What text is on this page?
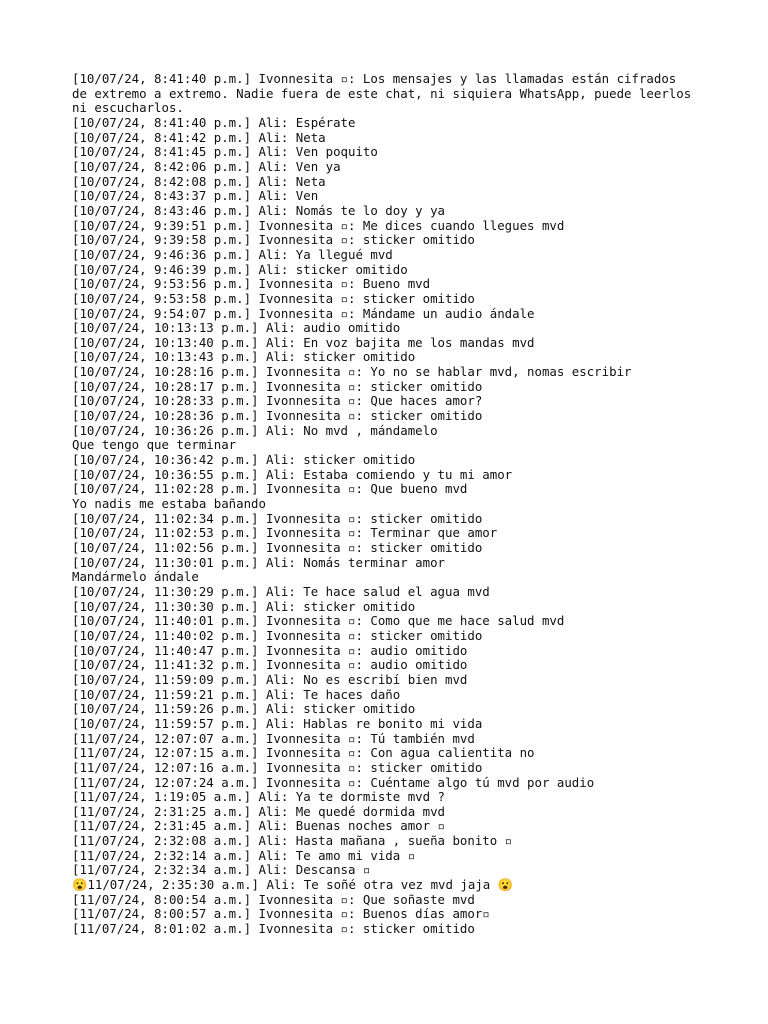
[10/07/24, 8:41:40 p.m.] Ivonnesita ▫: Los mensajes y las llamadas están cifrados
de extremo a extremo. Nadie fuera de este chat, ni siquiera WhatsApp, puede leerlos
ni escucharlos.
[10/07/24, 8:41:40 p.m.] Ali: Espérate
[10/07/24, 8:41:42 p.m.] Ali: Neta
[10/07/24, 8:41:45 p.m.] Ali: Ven poquito
[10/07/24, 8:42:06 p.m.] Ali: Ven ya
[10/07/24, 8:42:08 p.m.] Ali: Neta
[10/07/24, 8:43:37 p.m.] Ali: Ven
[10/07/24, 8:43:46 p.m.] Ali: Nomás te lo doy y ya
[10/07/24, 9:39:51 p.m.] Ivonnesita ▫: Me dices cuando llegues mvd
[10/07/24, 9:39:58 p.m.] Ivonnesita ▫: sticker omitido
[10/07/24, 9:46:36 p.m.] Ali: Ya llegué mvd
[10/07/24, 9:46:39 p.m.] Ali: sticker omitido
[10/07/24, 9:53:56 p.m.] Ivonnesita ▫: Bueno mvd
[10/07/24, 9:53:58 p.m.] Ivonnesita ▫: sticker omitido
[10/07/24, 9:54:07 p.m.] Ivonnesita ▫: Mándame un audio ándale
[10/07/24, 10:13:13 p.m.] Ali: audio omitido
[10/07/24, 10:13:40 p.m.] Ali: En voz bajita me los mandas mvd
[10/07/24, 10:13:43 p.m.] Ali: sticker omitido
[10/07/24, 10:28:16 p.m.] Ivonnesita ▫: Yo no se hablar mvd, nomas escribir
[10/07/24, 10:28:17 p.m.] Ivonnesita ▫: sticker omitido
[10/07/24, 10:28:33 p.m.] Ivonnesita ▫: Que haces amor?
[10/07/24, 10:28:36 p.m.] Ivonnesita ▫: sticker omitido
[10/07/24, 10:36:26 p.m.] Ali: No mvd , mándamelo
Que tengo que terminar
[10/07/24, 10:36:42 p.m.] Ali: sticker omitido
[10/07/24, 10:36:55 p.m.] Ali: Estaba comiendo y tu mi amor
[10/07/24, 11:02:28 p.m.] Ivonnesita ▫: Que bueno mvd
Yo nadis me estaba bañando
[10/07/24, 11:02:34 p.m.] Ivonnesita ▫: sticker omitido
[10/07/24, 11:02:53 p.m.] Ivonnesita ▫: Terminar que amor
[10/07/24, 11:02:56 p.m.] Ivonnesita ▫: sticker omitido
[10/07/24, 11:30:01 p.m.] Ali: Nomás terminar amor
Mandármelo ándale
[10/07/24, 11:30:29 p.m.] Ali: Te hace salud el agua mvd
[10/07/24, 11:30:30 p.m.] Ali: sticker omitido
[10/07/24, 11:40:01 p.m.] Ivonnesita ▫: Como que me hace salud mvd
[10/07/24, 11:40:02 p.m.] Ivonnesita ▫: sticker omitido
[10/07/24, 11:40:47 p.m.] Ivonnesita ▫: audio omitido
[10/07/24, 11:41:32 p.m.] Ivonnesita ▫: audio omitido
[10/07/24, 11:59:09 p.m.] Ali: No es escribí bien mvd
[10/07/24, 11:59:21 p.m.] Ali: Te haces daño
[10/07/24, 11:59:26 p.m.] Ali: sticker omitido
[10/07/24, 11:59:57 p.m.] Ali: Hablas re bonito mi vida
[11/07/24, 12:07:07 a.m.] Ivonnesita ▫: Tú también mvd
[11/07/24, 12:07:15 a.m.] Ivonnesita ▫: Con agua calientita no
[11/07/24, 12:07:16 a.m.] Ivonnesita ▫: sticker omitido
[11/07/24, 12:07:24 a.m.] Ivonnesita ▫: Cuéntame algo tú mvd por audio
[11/07/24, 1:19:05 a.m.] Ali: Ya te dormiste mvd ?
[11/07/24, 2:31:25 a.m.] Ali: Me quedé dormida mvd
[11/07/24, 2:31:45 a.m.] Ali: Buenas noches amor ▫
[11/07/24, 2:32:08 a.m.] Ali: Hasta mañana , sueña bonito ▫
[11/07/24, 2:32:14 a.m.] Ali: Te amo mi vida ▫
[11/07/24, 2:32:34 a.m.] Ali: Descansa ▫
😮11/07/24, 2:35:30 a.m.] Ali: Te soñé otra vez mvd jaja 😮
[11/07/24, 8:00:54 a.m.] Ivonnesita ▫: Que soñaste mvd
[11/07/24, 8:00:57 a.m.] Ivonnesita ▫: Buenos días amor▫
[11/07/24, 8:01:02 a.m.] Ivonnesita ▫: sticker omitido
